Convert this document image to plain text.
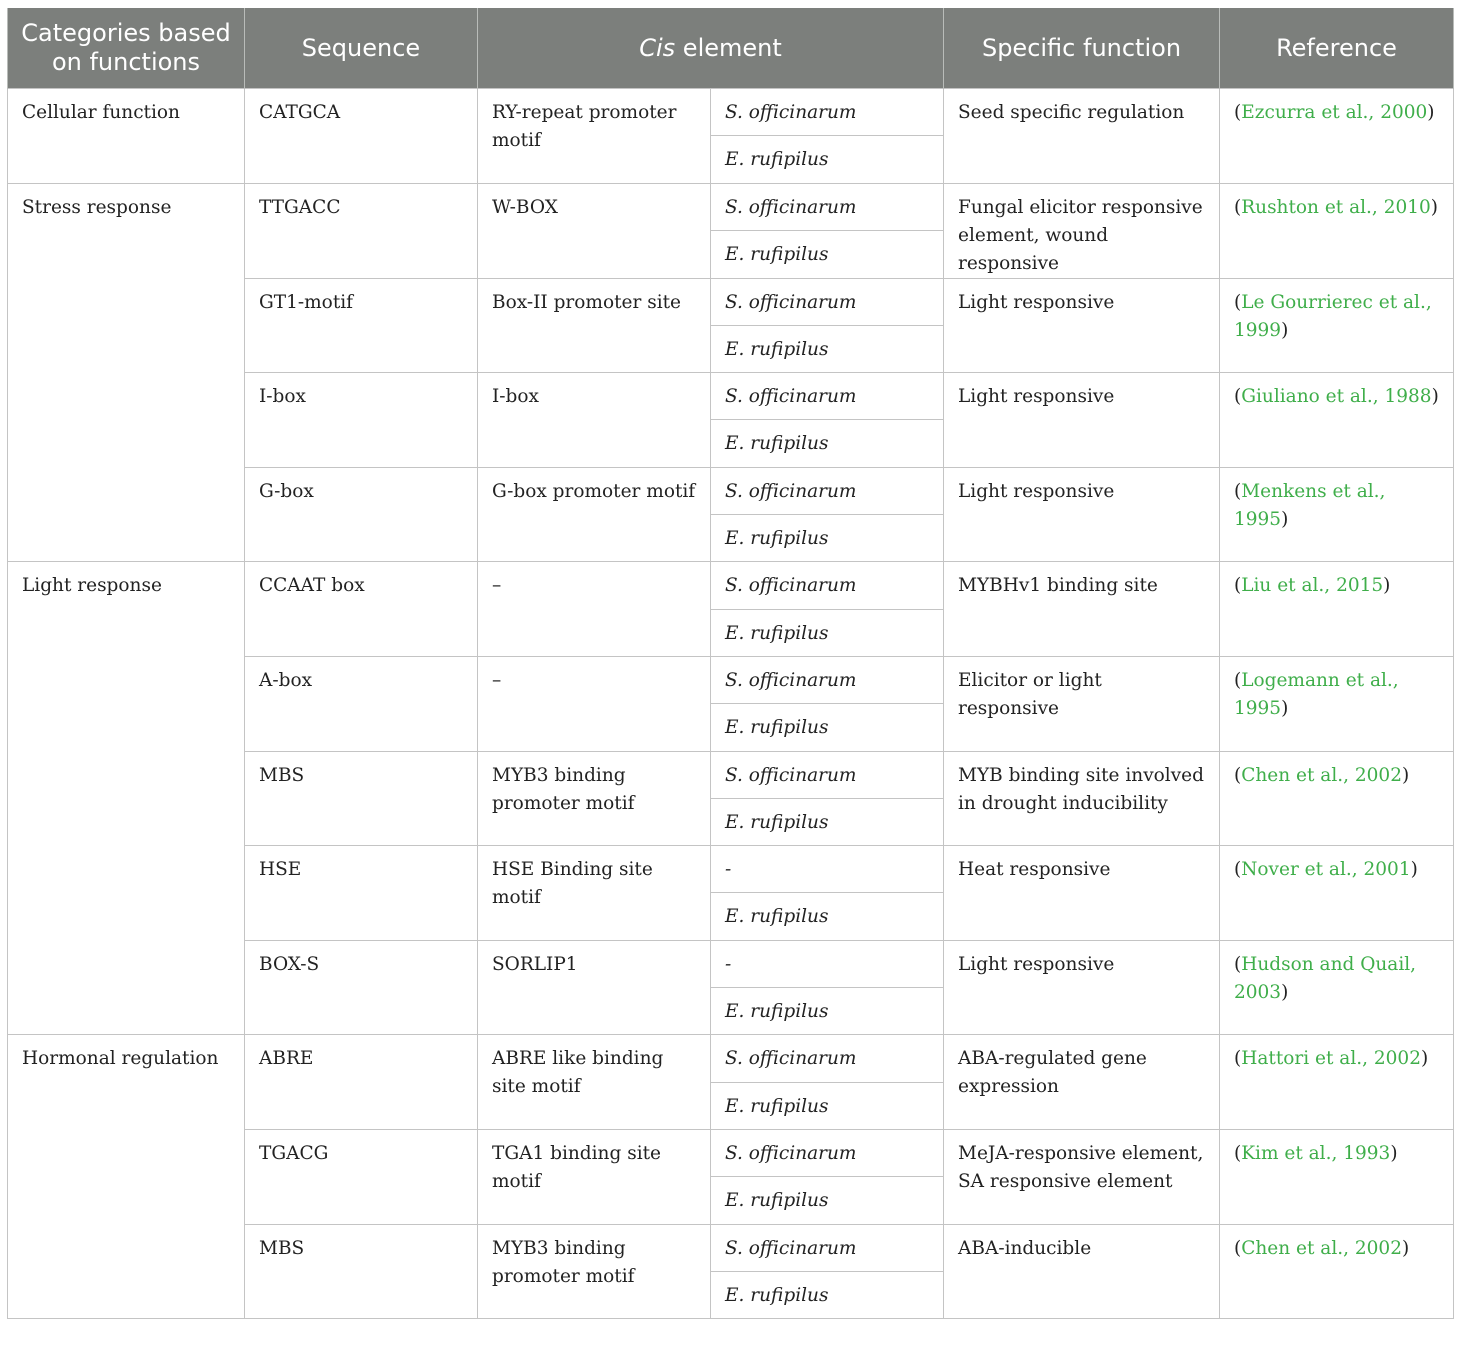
Categories based on functions	Sequence	Cis element		Specific function	Reference
Cellular function	CATGCA	RY-repeat promoter motif	S. officinarum	Seed specific regulation	(Ezcurra et al., 2000)
			E. rufipilus		
Stress response	TTGACC	W-BOX	S. officinarum	Fungal elicitor responsive element, wound responsive	(Rushton et al., 2010)
			E. rufipilus		
	GT1-motif	Box-II promoter site	S. officinarum	Light responsive	(Le Gourrierec et al., 1999)
			E. rufipilus		
	I-box	I-box	S. officinarum	Light responsive	(Giuliano et al., 1988)
			E. rufipilus		
	G-box	G-box promoter motif	S. officinarum	Light responsive	(Menkens et al., 1995)
			E. rufipilus		
Light response	CCAAT box	–	S. officinarum	MYBHv1 binding site	(Liu et al., 2015)
			E. rufipilus		
	A-box	–	S. officinarum	Elicitor or light responsive	(Logemann et al., 1995)
			E. rufipilus		
	MBS	MYB3 binding promoter motif	S. officinarum	MYB binding site involved in drought inducibility	(Chen et al., 2002)
			E. rufipilus		
	HSE	HSE Binding site motif	-	Heat responsive	(Nover et al., 2001)
			E. rufipilus		
	BOX-S	SORLIP1	-	Light responsive	(Hudson and Quail, 2003)
			E. rufipilus		
Hormonal regulation	ABRE	ABRE like binding site motif	S. officinarum	ABA-regulated gene expression	(Hattori et al., 2002)
			E. rufipilus		
	TGACG	TGA1 binding site motif	S. officinarum	MeJA-responsive element, SA responsive element	(Kim et al., 1993)
			E. rufipilus		
	MBS	MYB3 binding promoter motif	S. officinarum	ABA-inducible	(Chen et al., 2002)
			E. rufipilus		
